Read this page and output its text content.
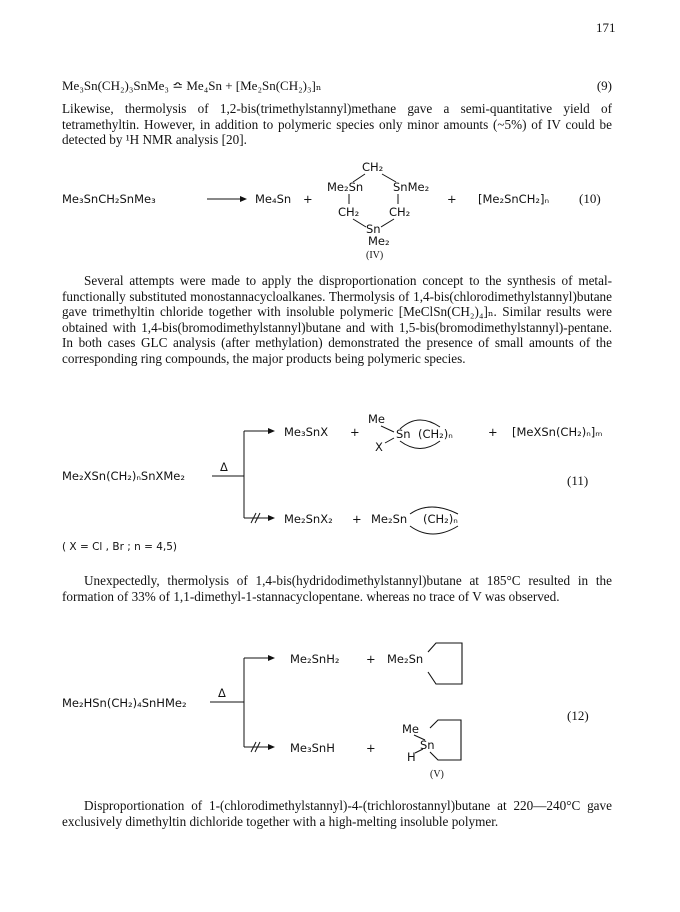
171
Me₃Sn(CH₂)₃SnMe₃ ≏ Me₄Sn + [Me₂Sn(CH₂)₃]ₙ	(9)
Likewise, thermolysis of 1,2-bis(trimethylstannyl)methane gave a semi-quantitative yield of tetramethyltin. However, in addition to polymeric species only minor amounts (~5%) of IV could be detected by ¹H NMR analysis [20].
Me₃SnCH₂SnMe₃	Me₄Sn +
CH₂
Me₂Sn	SnMe₂
CH₂	CH₂
Sn
Me₂
(IV)
+ [Me₂SnCH₂]ₙ (10)
Several attempts were made to apply the disproportionation concept to the synthesis of metal-functionally substituted monostannacycloalkanes. Thermolysis of 1,4-bis(chlorodimethylstannyl)butane gave trimethyltin chloride together with insoluble polymeric [MeClSn(CH₂)₄]ₙ. Similar results were obtained with 1,4-bis(bromodimethylstannyl)butane and with 1,5-bis(bromodimethylstannyl)-pentane. In both cases GLC analysis (after methylation) demonstrated the presence of small amounts of the corresponding ring compounds, the major products being polymeric species.
Me₂XSn(CH₂)ₙSnXMe₂
Δ
Me₃SnX +
Me
Sn
X
(CH₂)ₙ	+ [MeXSn(CH₂)ₙ]ₘ
Me₂SnX₂ + Me₂Sn (CH₂)ₙ
(11)
( X = Cl , Br ; n = 4,5)
Unexpectedly, thermolysis of 1,4-bis(hydridodimethylstannyl)butane at 185°C resulted in the formation of 33% of 1,1-dimethyl-1-stannacyclopentane. whereas no trace of V was observed.
Me₂HSn(CH₂)₄SnHMe₂
Δ
Me₂SnH₂ + Me₂Sn
Me₃SnH	+
Me
Sn
H
(V)
(12)
Disproportionation of 1-(chlorodimethylstannyl)-4-(trichlorostannyl)butane at 220—240°C gave exclusively dimethyltin dichloride together with a high-melting insoluble polymer.
